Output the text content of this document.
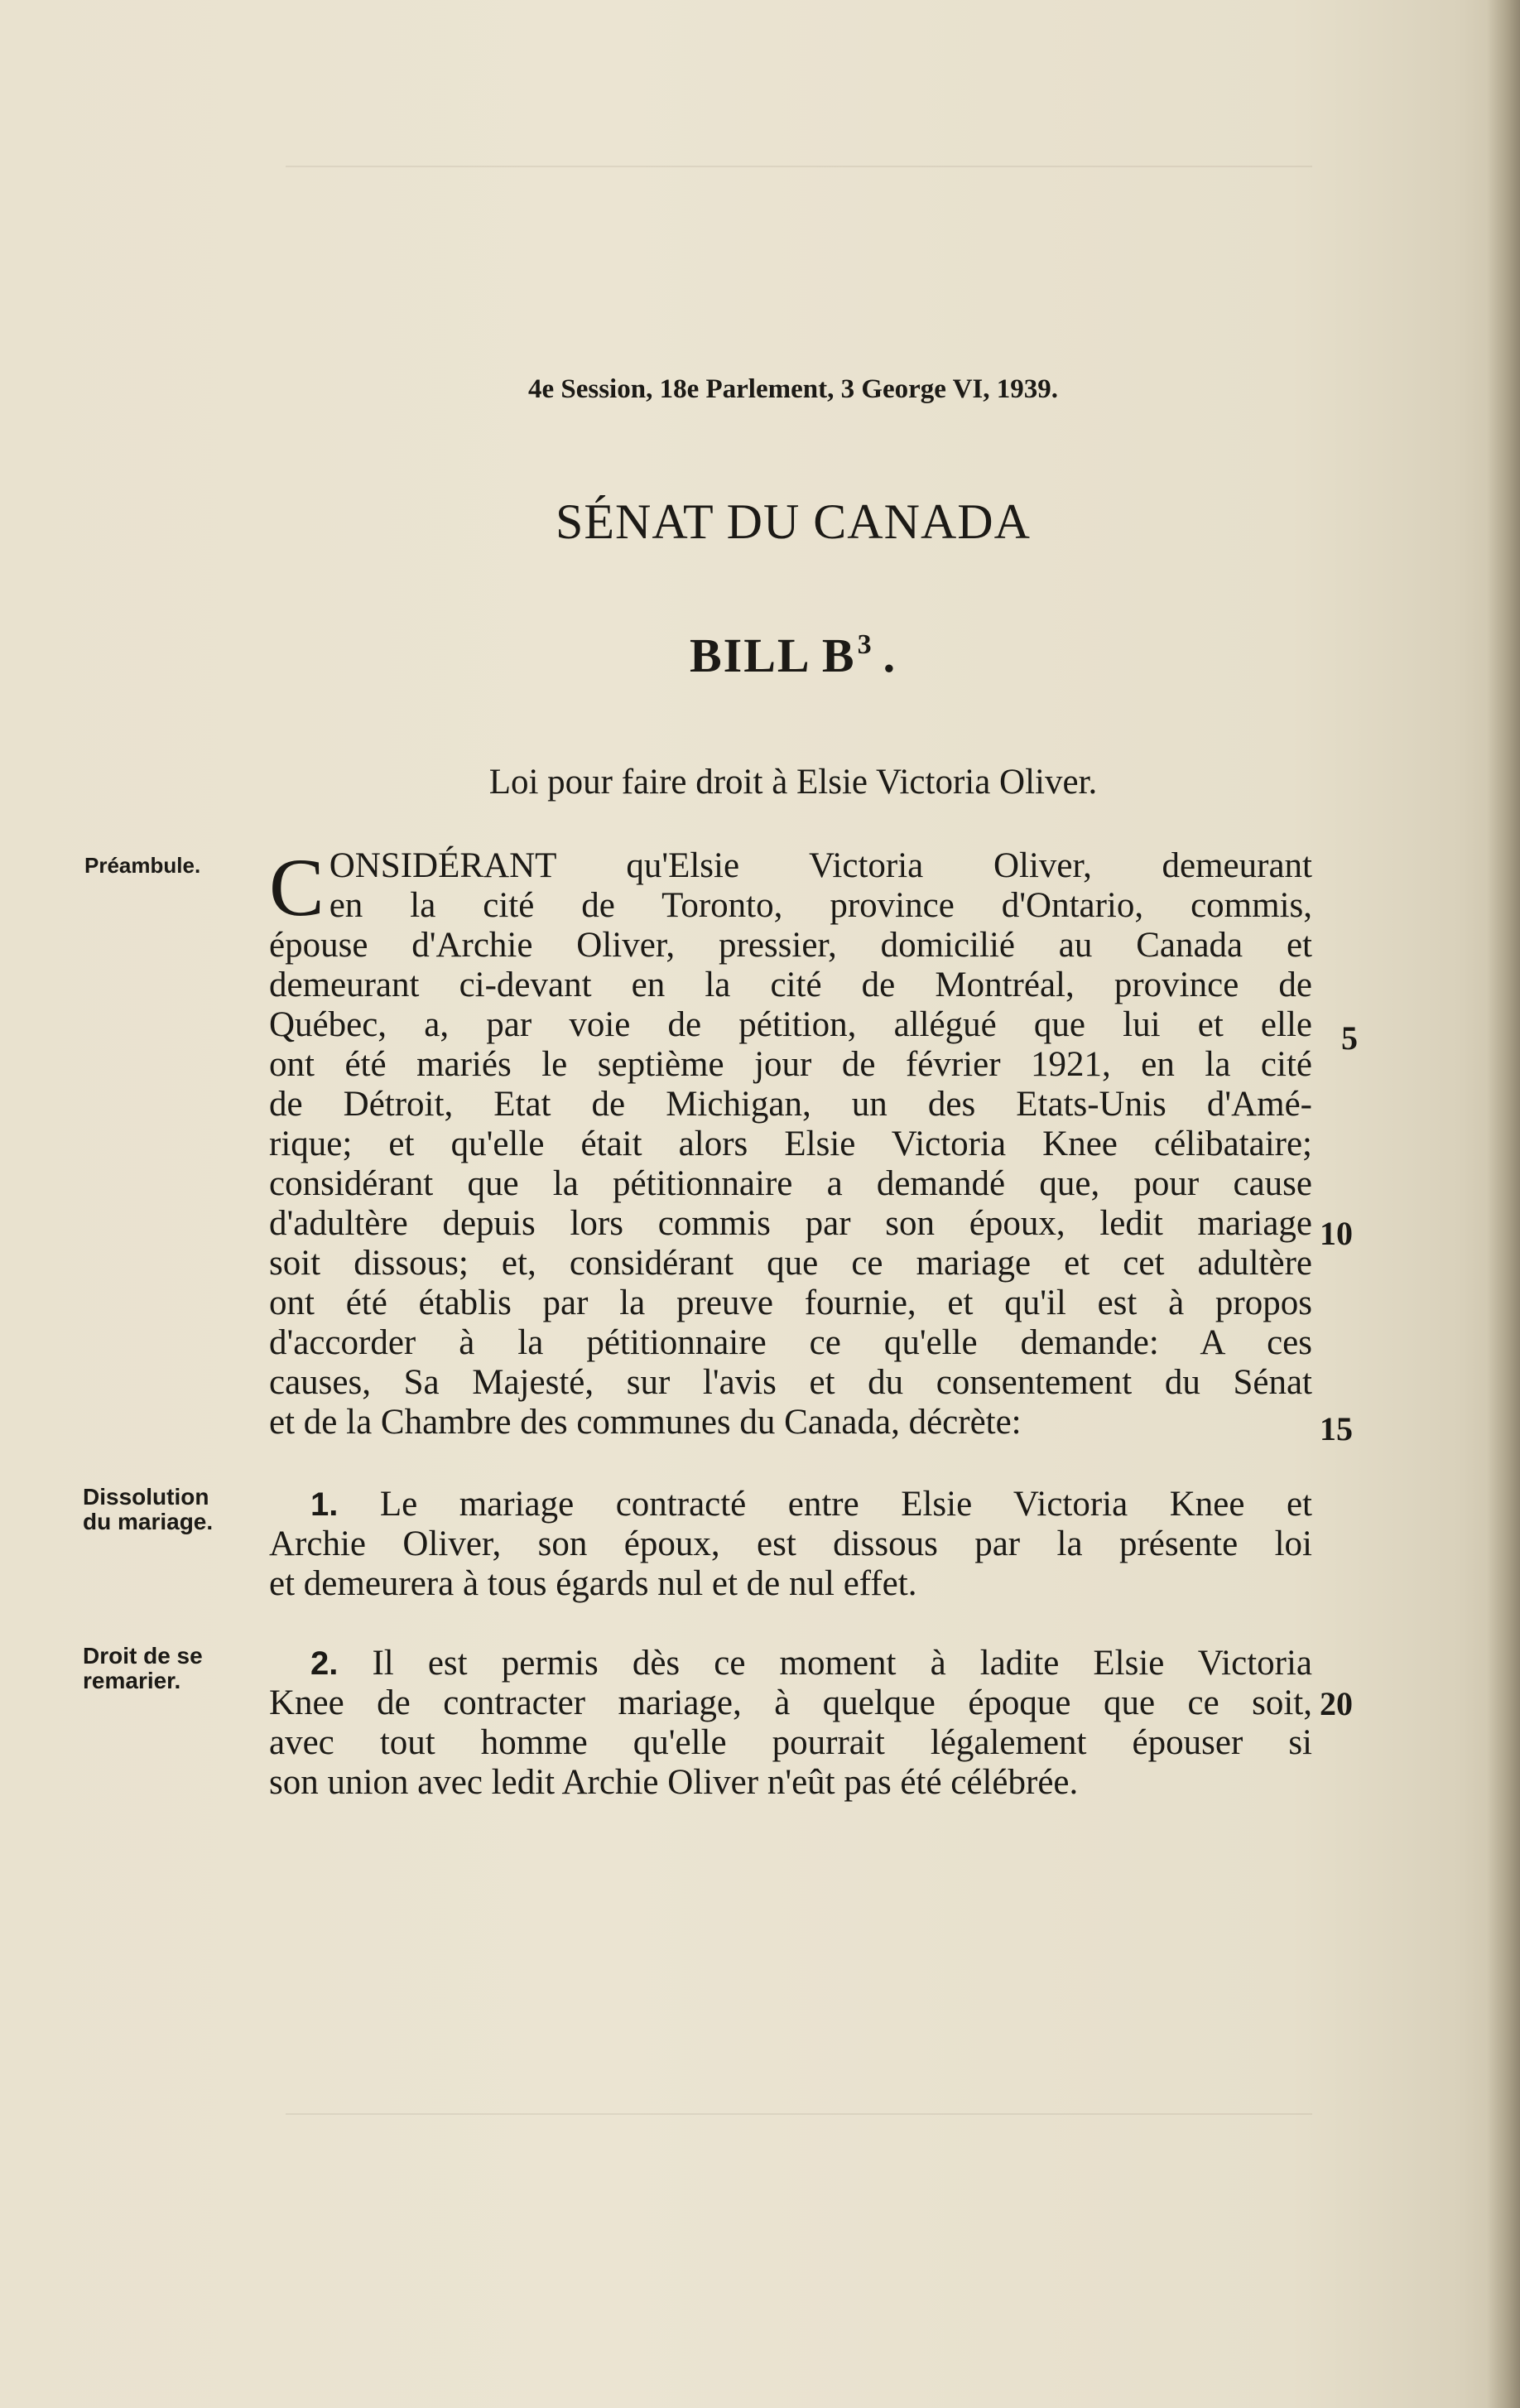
4e Session, 18e Parlement, 3 George VI, 1939.
SÉNAT DU CANADA
BILL $B^3$ .
Loi pour faire droit à Elsie Victoria Oliver.
Préambule.
Dissolution
du mariage.
Droit de se
remarier.
C ONSIDÉRANT qu'Elsie Victoria Oliver, demeurant
en la cité de Toronto, province d'Ontario, commis,
épouse d'Archie Oliver, pressier, domicilié au Canada et
demeurant ci-devant en la cité de Montréal, province de
Québec, a, par voie de pétition, allégué que lui et elle
ont été mariés le septième jour de février 1921, en la cité
de Détroit, Etat de Michigan, un des Etats-Unis d'Amé-
rique; et qu'elle était alors Elsie Victoria Knee célibataire;
considérant que la pétitionnaire a demandé que, pour cause
d'adultère depuis lors commis par son époux, ledit mariage
soit dissous; et, considérant que ce mariage et cet adultère
ont été établis par la preuve fournie, et qu'il est à propos
d'accorder à la pétitionnaire ce qu'elle demande: A ces
causes, Sa Majesté, sur l'avis et du consentement du Sénat
et de la Chambre des communes du Canada, décrète:
1. Le mariage contracté entre Elsie Victoria Knee et
Archie Oliver, son époux, est dissous par la présente loi
et demeurera à tous égards nul et de nul effet.
2. Il est permis dès ce moment à ladite Elsie Victoria
Knee de contracter mariage, à quelque époque que ce soit,
avec tout homme qu'elle pourrait légalement épouser si
son union avec ledit Archie Oliver n'eût pas été célébrée.
5
10
15
20
